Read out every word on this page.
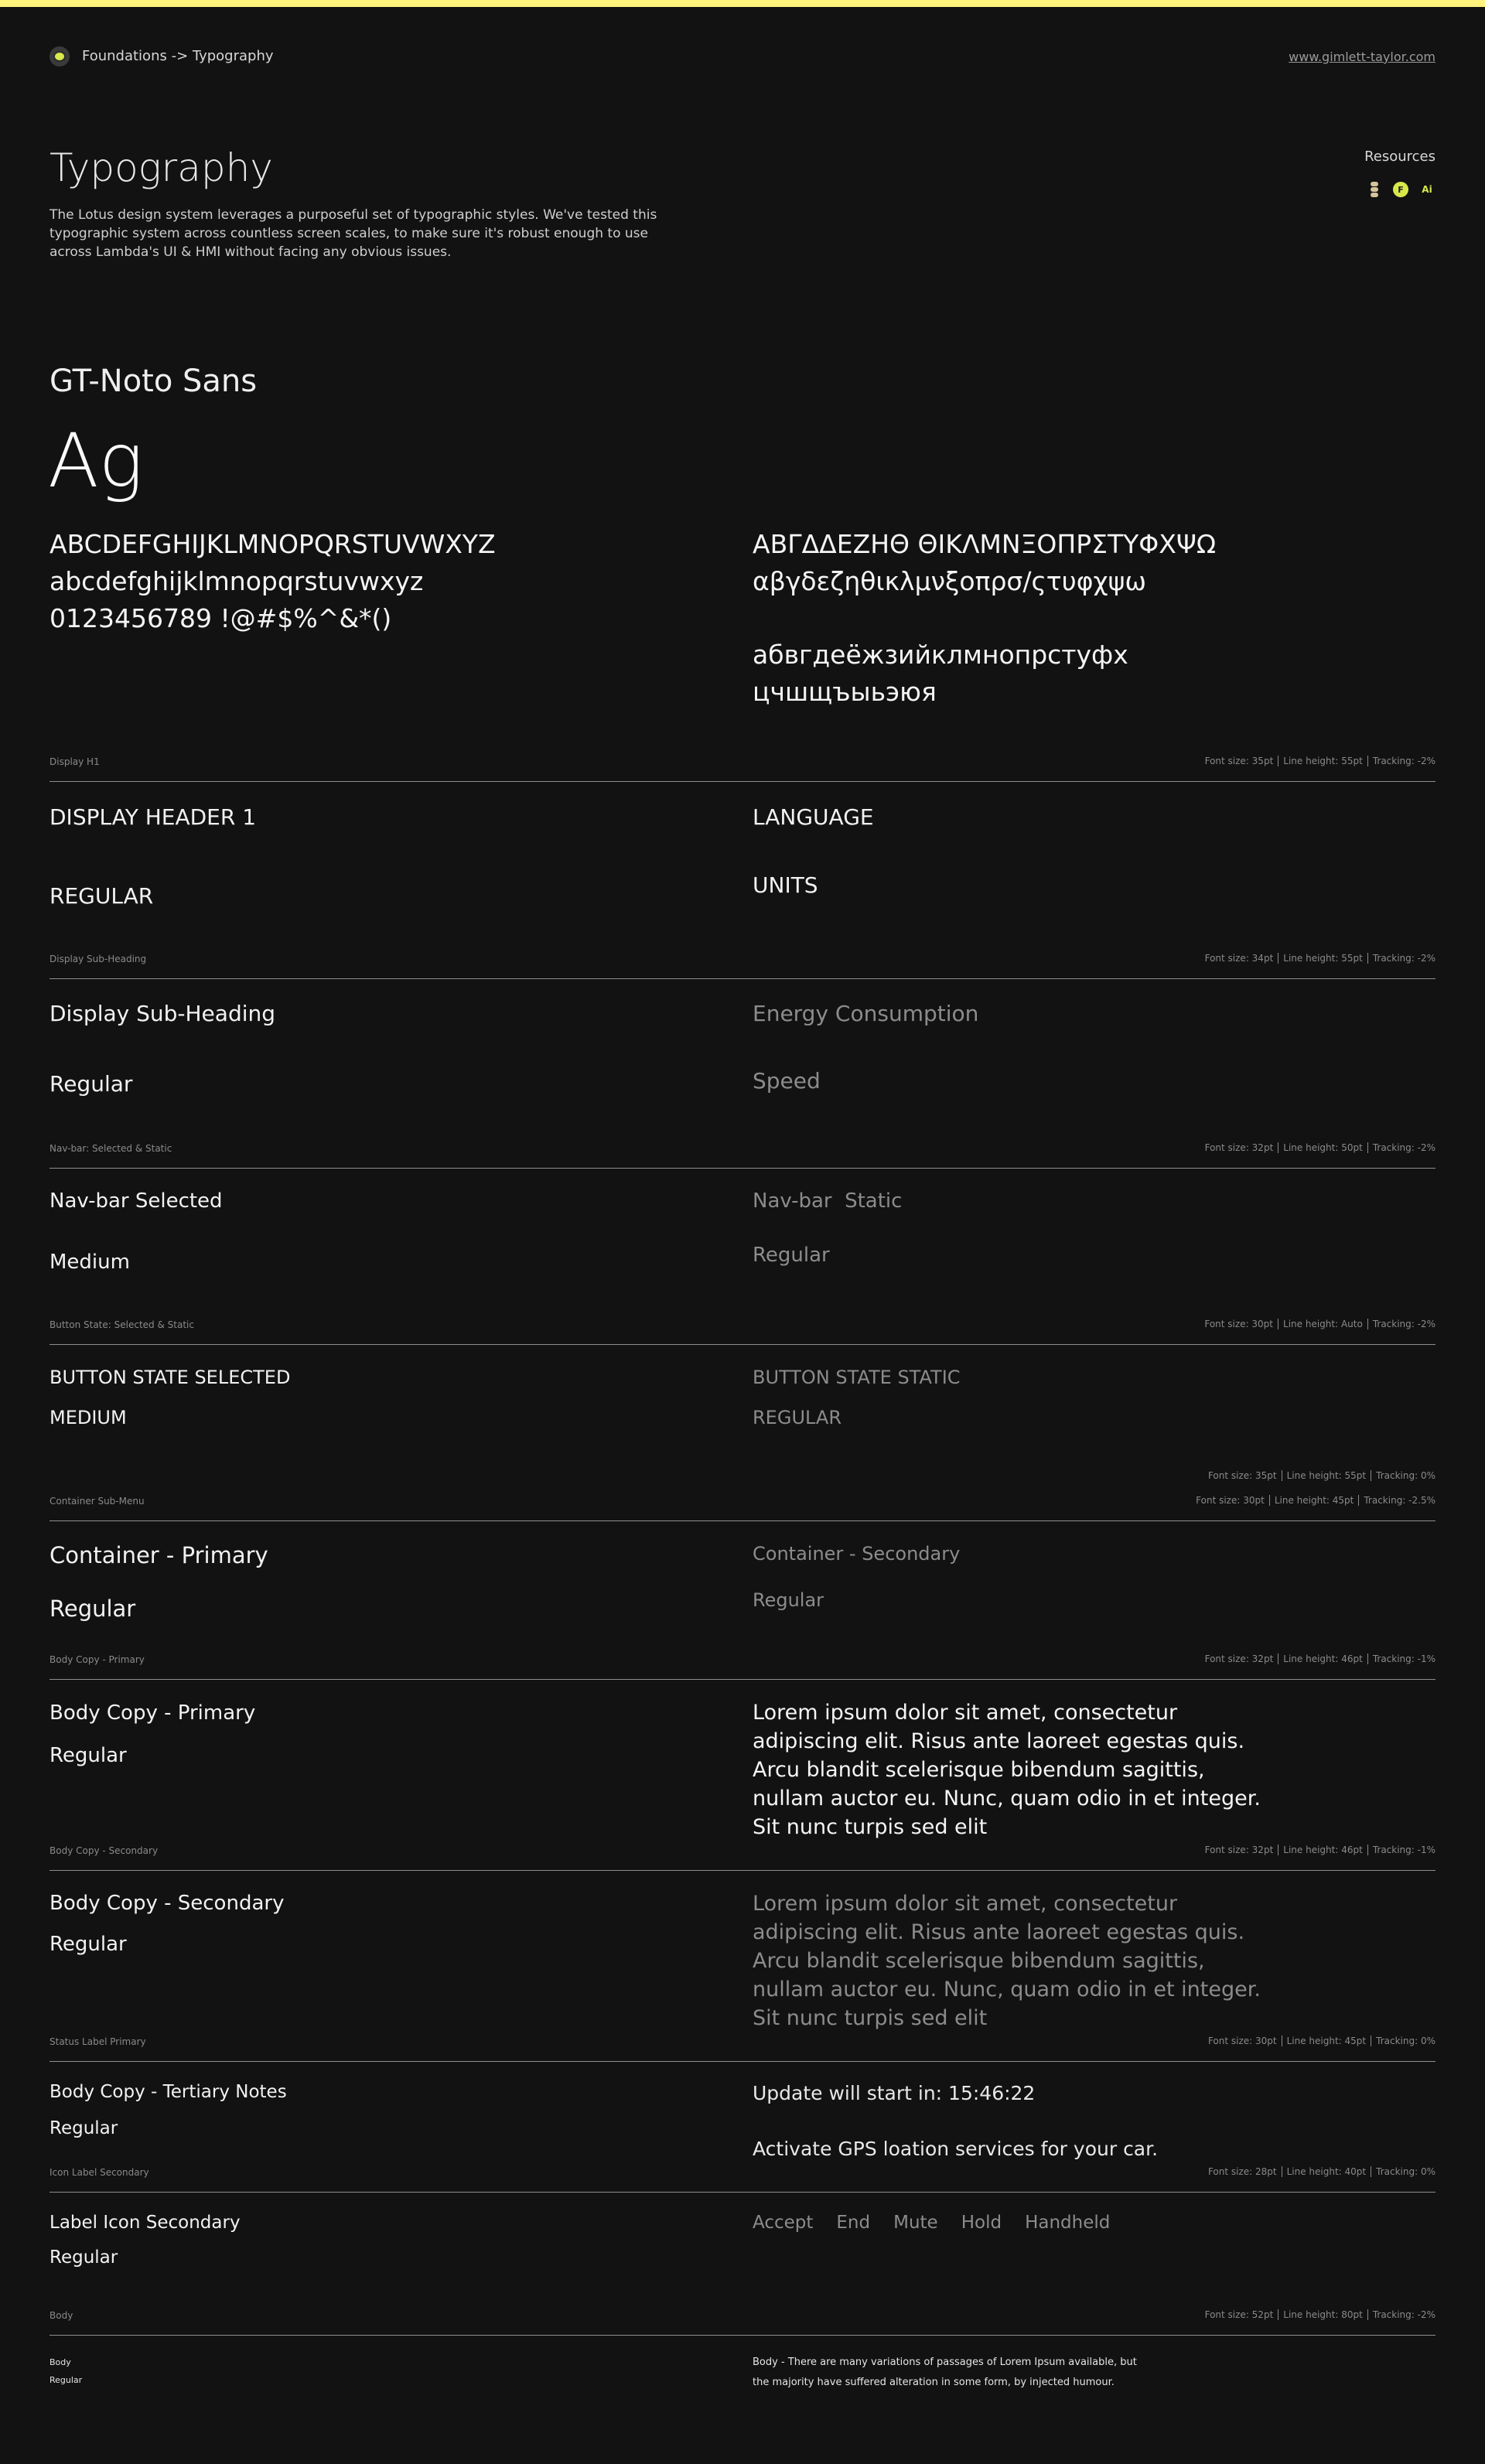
Foundations -> Typography	www.gimlett-taylor.com
Resources
F	Ai
Typography
The Lotus design system leverages a purposeful set of typographic styles. We've tested this typographic system across countless screen scales, to make sure it's robust enough to use across Lambda's UI & HMI without facing any obvious issues.
GT-Noto Sans
Ag
ABCDEFGHIJKLMNOPQRSTUVWXYZ
abcdefghijklmnopqrstuvwxyz
0123456789 !@#$%^&*()
ΑΒΓΔΔΕΖΗΘ ΘΙΚΛΜΝΞΟΠΡΣΤΥΦΧΨΩ
αβγδεζηθικλμνξοπρσ/ςτυφχψω
абвгдеёжзийклмнопрстуфх
цчшщъыьэюя
Display H1	Font size: 35pt	Line height: 55pt	Tracking: -2%
DISPLAY HEADER 1
REGULAR
LANGUAGE
UNITS
Display Sub-Heading	Font size: 34pt	Line height: 55pt	Tracking: -2%
Display Sub-Heading
Regular
Energy Consumption
Speed
Nav-bar: Selected & Static	Font size: 32pt	Line height: 50pt	Tracking: -2%
Nav-bar Selected
Medium
Nav-bar  Static
Regular
Button State: Selected & Static	Font size: 30pt	Line height: Auto	Tracking: -2%
BUTTON STATE SELECTED
MEDIUM
BUTTON STATE STATIC
REGULAR
Font size: 35pt	Line height: 55pt	Tracking: 0%
Container Sub-Menu	Font size: 30pt	Line height: 45pt	Tracking: -2.5%
Container - Primary
Regular
Container - Secondary
Regular
Body Copy - Primary	Font size: 32pt	Line height: 46pt	Tracking: -1%
Body Copy - Primary
Regular
Lorem ipsum dolor sit amet, consectetur adipiscing elit. Risus ante laoreet egestas quis. Arcu blandit scelerisque bibendum sagittis, nullam auctor eu. Nunc, quam odio in et integer. Sit nunc turpis sed elit
Body Copy - Secondary	Font size: 32pt	Line height: 46pt	Tracking: -1%
Body Copy - Secondary
Regular
Lorem ipsum dolor sit amet, consectetur adipiscing elit. Risus ante laoreet egestas quis. Arcu blandit scelerisque bibendum sagittis, nullam auctor eu. Nunc, quam odio in et integer. Sit nunc turpis sed elit
Status Label Primary	Font size: 30pt	Line height: 45pt	Tracking: 0%
Body Copy - Tertiary Notes
Regular
Update will start in: 15:46:22
Activate GPS loation services for your car.
Icon Label Secondary	Font size: 28pt	Line height: 40pt	Tracking: 0%
Label Icon Secondary
Regular
Accept End Mute Hold Handheld
Body	Font size: 52pt	Line height: 80pt	Tracking: -2%
Body
Regular
Body - There are many variations of passages of Lorem Ipsum available, but the majority have suffered alteration in some form, by injected humour.
